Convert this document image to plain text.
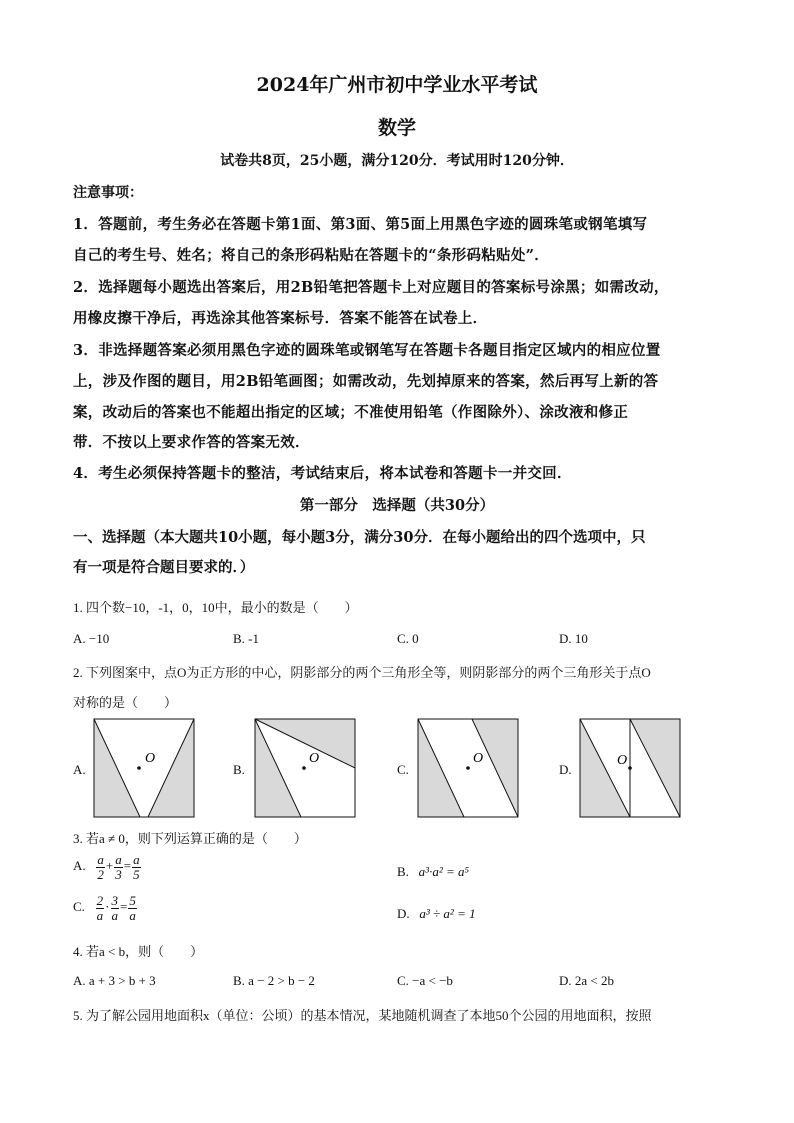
2024年广州市初中学业水平考试
数学
试卷共8页，25小题，满分120分．考试用时120分钟．
注意事项：
1．答题前，考生务必在答题卡第1面、第3面、第5面上用黑色字迹的圆珠笔或钢笔填写
自己的考生号、姓名；将自己的条形码粘贴在答题卡的“条形码粘贴处”．
2．选择题每小题选出答案后，用2B铅笔把答题卡上对应题目的答案标号涂黑；如需改动，
用橡皮擦干净后，再选涂其他答案标号．答案不能答在试卷上．
3．非选择题答案必须用黑色字迹的圆珠笔或钢笔写在答题卡各题目指定区域内的相应位置
上，涉及作图的题目，用2B铅笔画图；如需改动，先划掉原来的答案，然后再写上新的答
案，改动后的答案也不能超出指定的区域；不准使用铅笔（作图除外）、涂改液和修正
带．不按以上要求作答的答案无效．
4．考生必须保持答题卡的整洁，考试结束后，将本试卷和答题卡一并交回．
第一部分　选择题（共30分）
一、选择题（本大题共10小题，每小题3分，满分30分．在每小题给出的四个选项中，只
有一项是符合题目要求的．）
1. 四个数−10，-1，0，10中，最小的数是（　　）
A. −10	B. -1	C. 0	D. 10
2. 下列图案中，点O为正方形的中心，阴影部分的两个三角形全等，则阴影部分的两个三角形关于点O
对称的是（　　）
A.
O
B.
O
C.
O
D.
O
3. 若a ≠ 0，则下列运算正确的是（　　）
A. $\frac{a}{2} + \frac{a}{3} = \frac{a}{5}$	B. a³·a² = a⁵
C. $\frac{2}{a} \cdot \frac{3}{a} = \frac{5}{a}$	D. a³ ÷ a² = 1
4. 若a < b，则（　　）
A. a + 3 > b + 3	B. a − 2 > b − 2	C. −a < −b	D. 2a < 2b
5. 为了解公园用地面积x（单位：公顷）的基本情况，某地随机调查了本地50个公园的用地面积，按照
